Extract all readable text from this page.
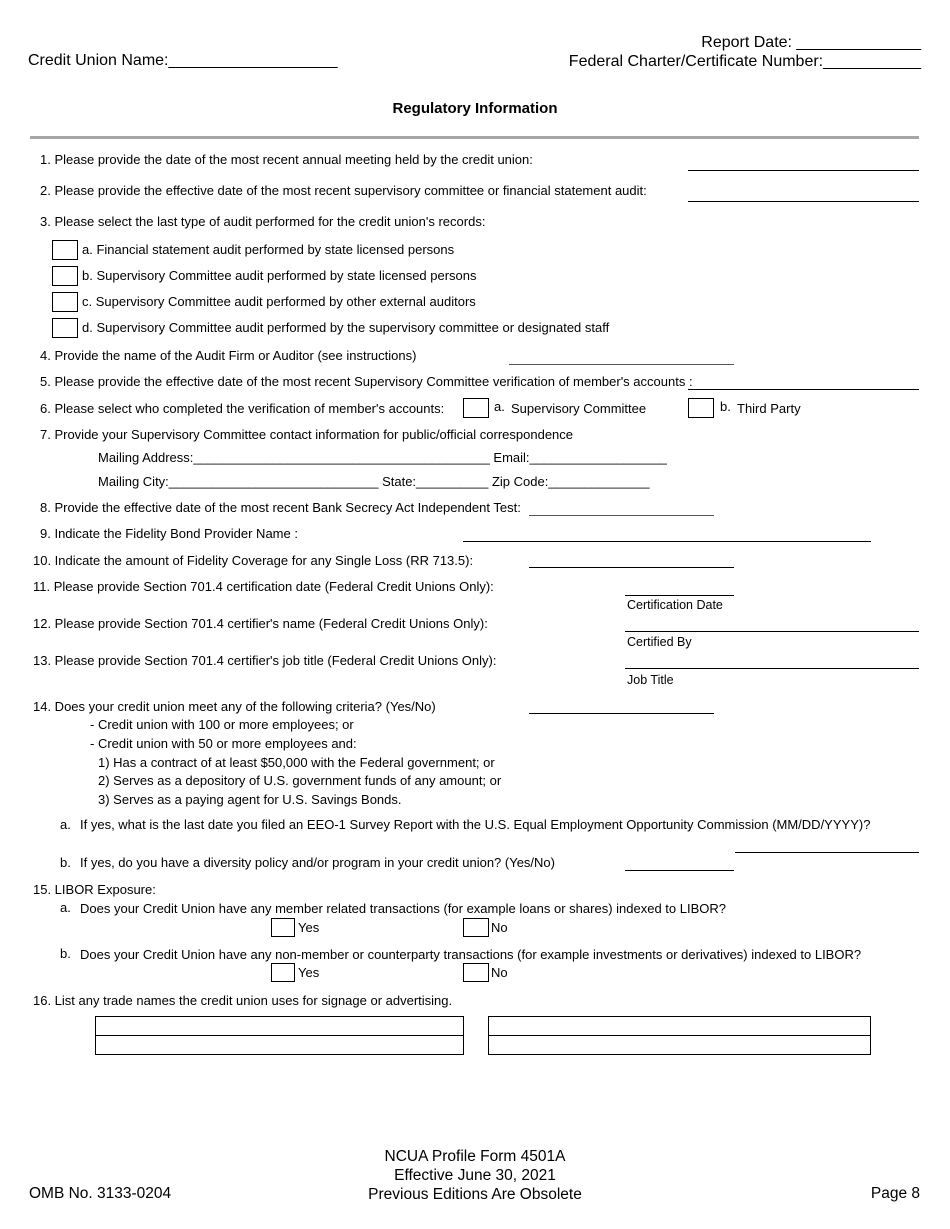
Credit Union Name:___________________
Report Date: ______________
Federal Charter/Certificate Number:___________
Regulatory Information
1. Please provide the date of the most recent annual meeting held by the credit union:
2. Please provide the effective date of the most recent supervisory committee or financial statement audit:
3. Please select the last type of audit performed for the credit union's records:
a. Financial statement audit performed by state licensed persons
b. Supervisory Committee audit performed by state licensed persons
c. Supervisory Committee audit performed by other external auditors
d. Supervisory Committee audit performed by the supervisory committee or designated staff
4. Provide the name of the Audit Firm or Auditor (see instructions)
5. Please provide the effective date of the most recent Supervisory Committee verification of member's accounts :
6. Please select who completed the verification of member's accounts:	a. Supervisory Committee	b. Third Party
7. Provide your Supervisory Committee contact information for public/official correspondence
Mailing Address:_________________________________________ Email:___________________
Mailing City:_____________________________ State:__________ Zip Code:______________
8. Provide the effective date of the most recent Bank Secrecy Act Independent Test:
9. Indicate the Fidelity Bond Provider Name :
10. Indicate the amount of Fidelity Coverage for any Single Loss (RR 713.5):
11. Please provide Section 701.4 certification date (Federal Credit Unions Only):
Certification Date
12. Please provide Section 701.4 certifier's name (Federal Credit Unions Only):
Certified By
13. Please provide Section 701.4 certifier's job title (Federal Credit Unions Only):
Job Title
14. Does your credit union meet any of the following criteria? (Yes/No)
- Credit union with 100 or more employees; or
- Credit union with 50 or more employees and:
1) Has a contract of at least $50,000 with the Federal government; or
2) Serves as a depository of U.S. government funds of any amount; or
3) Serves as a paying agent for U.S. Savings Bonds.
a. If yes, what is the last date you filed an EEO-1 Survey Report with the U.S. Equal Employment Opportunity Commission (MM/DD/YYYY)?
b. If yes, do you have a diversity policy and/or program in your credit union? (Yes/No)
15. LIBOR Exposure:
a. Does your Credit Union have any member related transactions (for example loans or shares) indexed to LIBOR?
Yes	No
b. Does your Credit Union have any non-member or counterparty transactions (for example investments or derivatives) indexed to LIBOR?
Yes	No
16. List any trade names the credit union uses for signage or advertising.
NCUA Profile Form 4501A
Effective June 30, 2021
Previous Editions Are Obsolete
OMB No. 3133-0204	Page 8
